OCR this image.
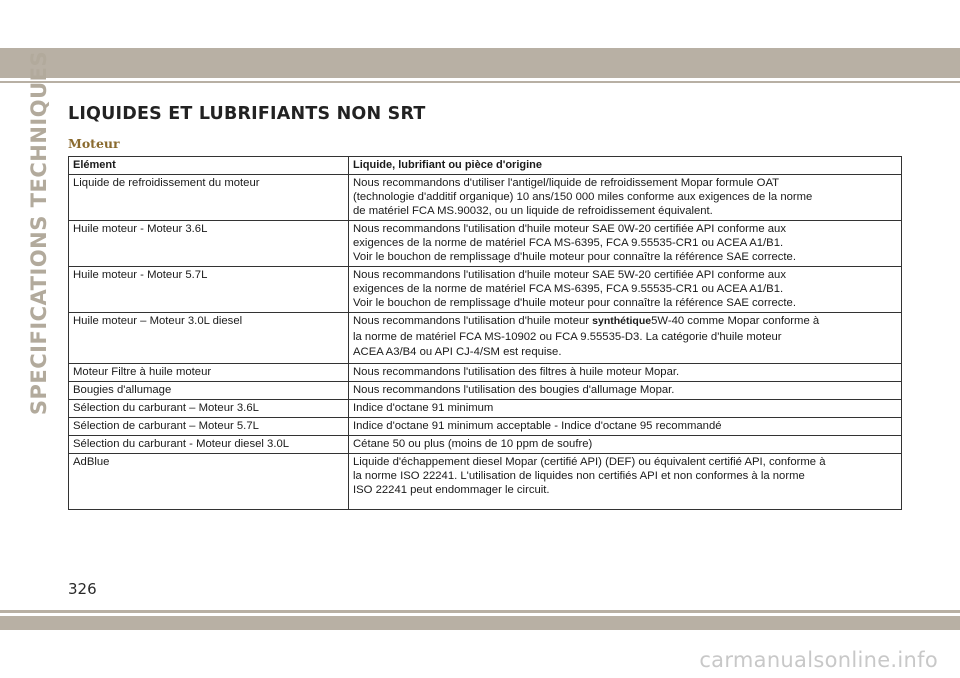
SPECIFICATIONS TECHNIQUES LIQUIDES ET LUBRIFIANTS NON SRT
Moteur
Elément	Liquide, lubrifiant ou pièce d'origine
Liquide de refroidissement du moteur	Nous recommandons d'utiliser l'antigel/liquide de refroidissement Mopar formule OAT
(technologie d'additif organique) 10 ans/150 000 miles conforme aux exigences de la norme
de matériel FCA MS.90032, ou un liquide de refroidissement équivalent.

Huile moteur - Moteur 3.6L	Nous recommandons l'utilisation d'huile moteur SAE 0W-20 certifiée API conforme aux
exigences de la norme de matériel FCA MS-6395, FCA 9.55535-CR1 ou ACEA A1/B1.
Voir le bouchon de remplissage d'huile moteur pour connaître la référence SAE correcte.

Huile moteur - Moteur 5.7L	Nous recommandons l'utilisation d'huile moteur SAE 5W-20 certifiée API conforme aux
exigences de la norme de matériel FCA MS-6395, FCA 9.55535-CR1 ou ACEA A1/B1.
Voir le bouchon de remplissage d'huile moteur pour connaître la référence SAE correcte.

Huile moteur – Moteur 3.0L diesel	Nous recommandons l'utilisation d'huile moteur synthétique5W-40 comme Mopar conforme à
la norme de matériel FCA MS-10902 ou FCA 9.55535-D3. La catégorie d'huile moteur
ACEA A3/B4 ou API CJ-4/SM est requise.

Moteur Filtre à huile moteur	Nous recommandons l'utilisation des filtres à huile moteur Mopar.

Bougies d'allumage	Nous recommandons l'utilisation des bougies d'allumage Mopar.

Sélection du carburant – Moteur 3.6L	Indice d'octane 91 minimum

Sélection de carburant – Moteur 5.7L	Indice d'octane 91 minimum acceptable - Indice d'octane 95 recommandé

Sélection du carburant - Moteur diesel 3.0L	Cétane 50 ou plus (moins de 10 ppm de soufre)

AdBlue	Liquide d'échappement diesel Mopar (certifié API) (DEF) ou équivalent certifié API, conforme à
la norme ISO 22241. L'utilisation de liquides non certifiés API et non conformes à la norme
ISO 22241 peut endommager le circuit.
326
carmanualsonline.info
